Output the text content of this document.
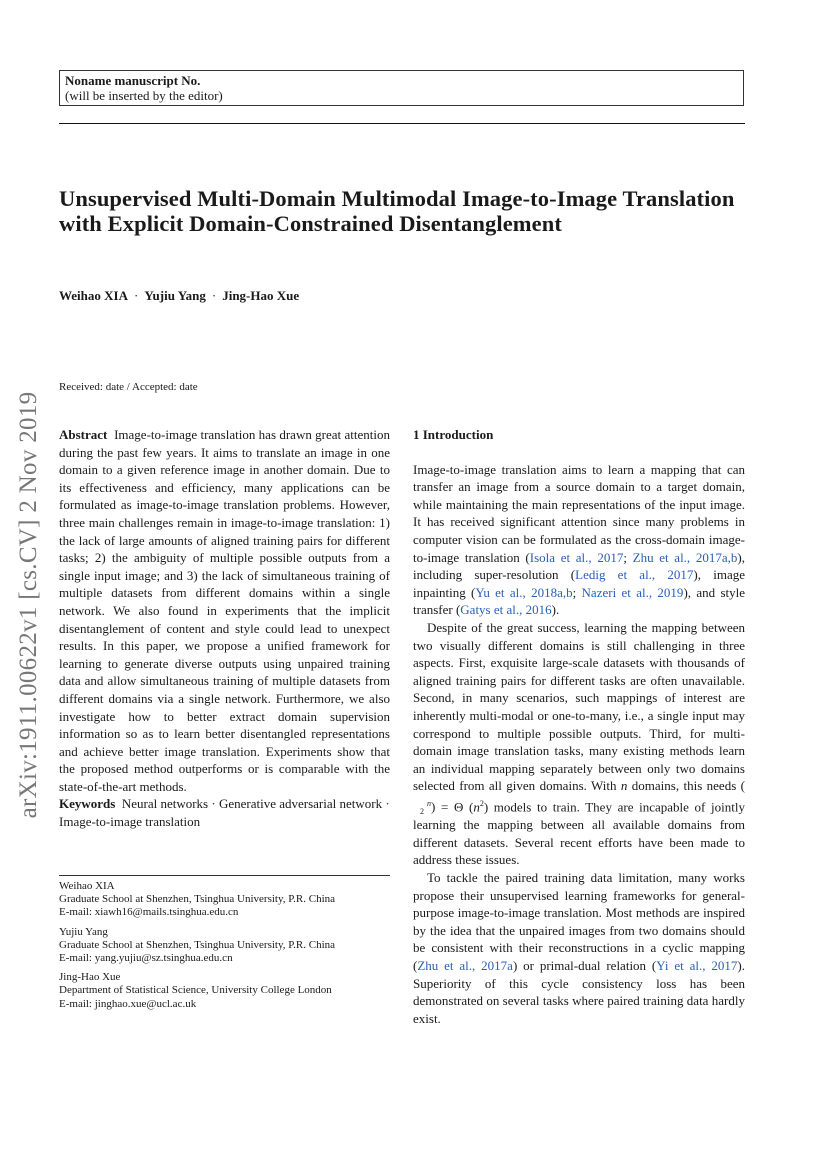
Noname manuscript No.
(will be inserted by the editor)
Unsupervised Multi-Domain Multimodal Image-to-Image Translation with Explicit Domain-Constrained Disentanglement
Weihao XIA · Yujiu Yang · Jing-Hao Xue
arXiv:1911.00622v1 [cs.CV] 2 Nov 2019
Received: date / Accepted: date

Abstract Image-to-image translation has drawn great attention during the past few years. It aims to translate an image in one domain to a given reference image in another domain. Due to its effectiveness and efficiency, many applications can be formulated as image-to-image translation problems. However, three main challenges remain in image-to-image translation: 1) the lack of large amounts of aligned training pairs for different tasks; 2) the ambiguity of multiple possible outputs from a single input image; and 3) the lack of simultaneous training of multiple datasets from different domains within a single network. We also found in experiments that the implicit disentanglement of content and style could lead to unexpect results. In this paper, we propose a unified framework for learning to generate diverse outputs using unpaired training data and allow simultaneous training of multiple datasets from different domains via a single network. Furthermore, we also investigate how to better extract domain supervision information so as to learn better disentangled representations and achieve better image translation. Experiments show that the proposed method outperforms or is comparable with the state-of-the-art methods.

Keywords Neural networks · Generative adversarial network · Image-to-image translation

Weihao XIA
Graduate School at Shenzhen, Tsinghua University, P.R. China
E-mail: xiawh16@mails.tsinghua.edu.cn
Yujiu Yang
Graduate School at Shenzhen, Tsinghua University, P.R. China
E-mail: yang.yujiu@sz.tsinghua.edu.cn
Jing-Hao Xue
Department of Statistical Science, University College London
E-mail: jinghao.xue@ucl.ac.uk
1 Introduction

Image-to-image translation aims to learn a mapping that can transfer an image from a source domain to a target domain, while maintaining the main representations of the input image. It has received significant attention since many problems in computer vision can be formulated as the cross-domain image-to-image translation (Isola et al., 2017; Zhu et al., 2017a,b), including super-resolution (Ledig et al., 2017), image inpainting (Yu et al., 2018a,b; Nazeri et al., 2019), and style transfer (Gatys et al., 2016).

Despite of the great success, learning the mapping between two visually different domains is still challenging in three aspects. First, exquisite large-scale datasets with thousands of aligned training pairs for different tasks are often unavailable. Second, in many scenarios, such mappings of interest are inherently multi-modal or one-to-many, i.e., a single input may correspond to multiple possible outputs. Third, for multi-domain image translation tasks, many existing methods learn an individual mapping separately between only two domains selected from all given domains. With n domains, this needs (n
2 ) = Θ $(n^2)$ models to train. They are incapable of jointly learning the mapping between all available domains from different datasets. Several recent efforts have been made to address these issues.

To tackle the paired training data limitation, many works propose their unsupervised learning frameworks for general-purpose image-to-image translation. Most methods are inspired by the idea that the unpaired images from two domains should be consistent with their reconstructions in a cyclic mapping (Zhu et al., 2017a) or primal-dual relation (Yi et al., 2017). Superiority of this cycle consistency loss has been demonstrated on several tasks where paired training data hardly exist.
